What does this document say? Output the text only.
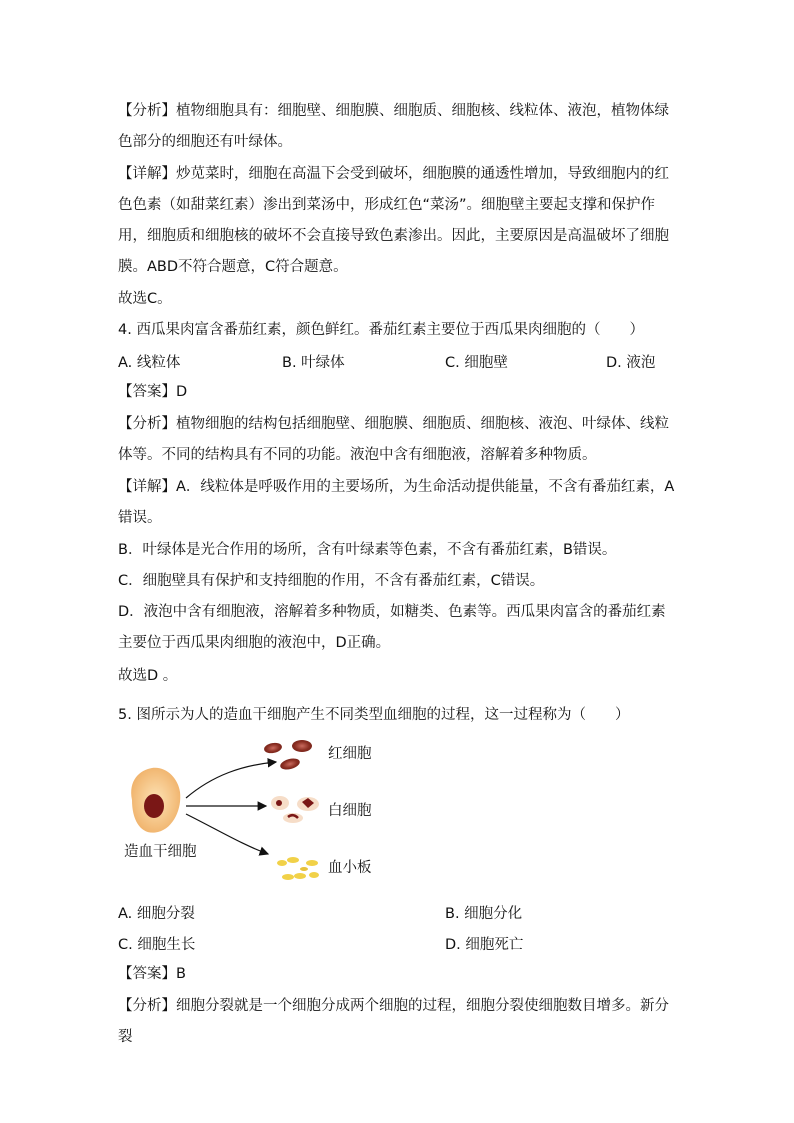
【分析】植物细胞具有：细胞壁、细胞膜、细胞质、细胞核、线粒体、液泡，植物体绿色部分的细胞还有叶绿体。

【详解】炒苋菜时，细胞在高温下会受到破坏，细胞膜的通透性增加，导致细胞内的红色色素（如甜菜红素）渗出到菜汤中，形成红色“菜汤”。细胞壁主要起支撑和保护作用，细胞质和细胞核的破坏不会直接导致色素渗出。因此，主要原因是高温破坏了细胞膜。ABD不符合题意，C符合题意。

故选C。

4. 西瓜果肉富含番茄红素，颜色鲜红。番茄红素主要位于西瓜果肉细胞的（　　）

A. 线粒体	B. 叶绿体	C. 细胞壁	D. 液泡

【答案】D

【分析】植物细胞的结构包括细胞壁、细胞膜、细胞质、细胞核、液泡、叶绿体、线粒体等。不同的结构具有不同的功能。液泡中含有细胞液，溶解着多种物质。

【详解】A．线粒体是呼吸作用的主要场所，为生命活动提供能量，不含有番茄红素，A错误。

B．叶绿体是光合作用的场所，含有叶绿素等色素，不含有番茄红素，B错误。

C．细胞壁具有保护和支持细胞的作用，不含有番茄红素，C错误。

D．液泡中含有细胞液，溶解着多种物质，如糖类、色素等。西瓜果肉富含的番茄红素主要位于西瓜果肉细胞的液泡中，D正确。

故选D 。

5. 图所示为人的造血干细胞产生不同类型血细胞的过程，这一过程称为（　　）

红细胞
白细胞
血小板
造血干细胞
A. 细胞分裂	B. 细胞分化
C. 细胞生长	D. 细胞死亡

【答案】B

【分析】细胞分裂就是一个细胞分成两个细胞的过程，细胞分裂使细胞数目增多。新分裂
